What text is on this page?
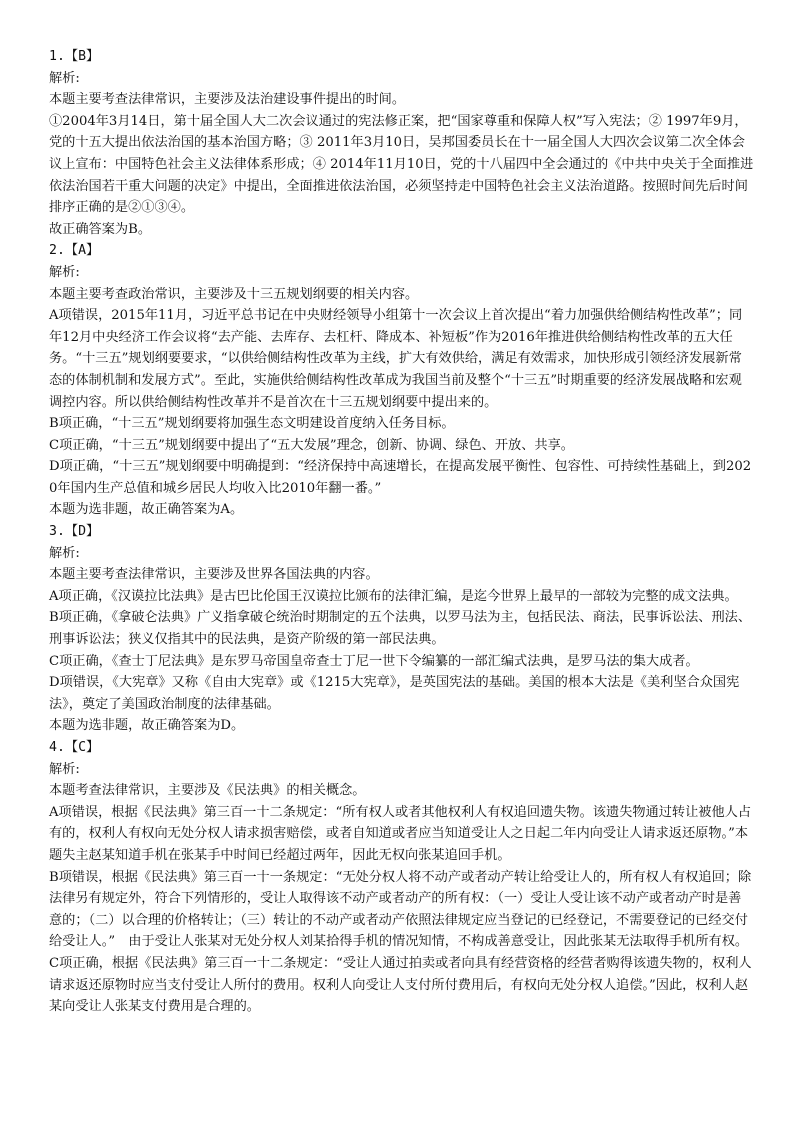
1.【B】
解析:
本题主要考查法律常识，主要涉及法治建设事件提出的时间。
①2004年3月14日，第十届全国人大二次会议通过的宪法修正案，把“国家尊重和保障人权”写入宪法；② 1997年9月，党的十五大提出依法治国的基本治国方略；③ 2011年3月10日，吴邦国委员长在十一届全国人大四次会议第二次全体会议上宣布：中国特色社会主义法律体系形成；④ 2014年11月10日，党的十八届四中全会通过的《中共中央关于全面推进依法治国若干重大问题的决定》中提出，全面推进依法治国，必须坚持走中国特色社会主义法治道路。按照时间先后时间排序正确的是②①③④。
故正确答案为B。
2.【A】
解析:
本题主要考查政治常识，主要涉及十三五规划纲要的相关内容。
A项错误，2015年11月，习近平总书记在中央财经领导小组第十一次会议上首次提出“着力加强供给侧结构性改革”；同年12月中央经济工作会议将“去产能、去库存、去杠杆、降成本、补短板”作为2016年推进供给侧结构性改革的五大任务。“十三五”规划纲要要求，“以供给侧结构性改革为主线，扩大有效供给，满足有效需求，加快形成引领经济发展新常态的体制机制和发展方式”。至此，实施供给侧结构性改革成为我国当前及整个“十三五”时期重要的经济发展战略和宏观调控内容。所以供给侧结构性改革并不是首次在十三五规划纲要中提出来的。
B项正确，“十三五”规划纲要将加强生态文明建设首度纳入任务目标。
C项正确，“十三五”规划纲要中提出了“五大发展”理念，创新、协调、绿色、开放、共享。
D项正确，“十三五”规划纲要中明确提到：“经济保持中高速增长，在提高发展平衡性、包容性、可持续性基础上，到2020年国内生产总值和城乡居民人均收入比2010年翻一番。”
本题为选非题，故正确答案为A。
3.【D】
解析:
本题主要考查法律常识，主要涉及世界各国法典的内容。
A项正确，《汉谟拉比法典》是古巴比伦国王汉谟拉比颁布的法律汇编，是迄今世界上最早的一部较为完整的成文法典。
B项正确，《拿破仑法典》广义指拿破仑统治时期制定的五个法典，以罗马法为主，包括民法、商法，民事诉讼法、刑法、刑事诉讼法；狭义仅指其中的民法典，是资产阶级的第一部民法典。
C项正确，《查士丁尼法典》是东罗马帝国皇帝查士丁尼一世下令编纂的一部汇编式法典，是罗马法的集大成者。
D项错误，《大宪章》又称《自由大宪章》或《1215大宪章》，是英国宪法的基础。美国的根本大法是《美利坚合众国宪法》，奠定了美国政治制度的法律基础。
本题为选非题，故正确答案为D。
4.【C】
解析:
本题考查法律常识，主要涉及《民法典》的相关概念。
A项错误，根据《民法典》第三百一十二条规定：“所有权人或者其他权利人有权追回遗失物。该遗失物通过转让被他人占有的，权利人有权向无处分权人请求损害赔偿，或者自知道或者应当知道受让人之日起二年内向受让人请求返还原物。”本题失主赵某知道手机在张某手中时间已经超过两年，因此无权向张某追回手机。
B项错误，根据《民法典》第三百一十一条规定：“无处分权人将不动产或者动产转让给受让人的，所有权人有权追回；除法律另有规定外，符合下列情形的，受让人取得该不动产或者动产的所有权：（一）受让人受让该不动产或者动产时是善意的；（二）以合理的价格转让；（三）转让的不动产或者动产依照法律规定应当登记的已经登记，不需要登记的已经交付给受让人。”　由于受让人张某对无处分权人刘某拾得手机的情况知情，不构成善意受让，因此张某无法取得手机所有权。
C项正确，根据《民法典》第三百一十二条规定：“受让人通过拍卖或者向具有经营资格的经营者购得该遗失物的，权利人请求返还原物时应当支付受让人所付的费用。权利人向受让人支付所付费用后，有权向无处分权人追偿。”因此，权利人赵某向受让人张某支付费用是合理的。
